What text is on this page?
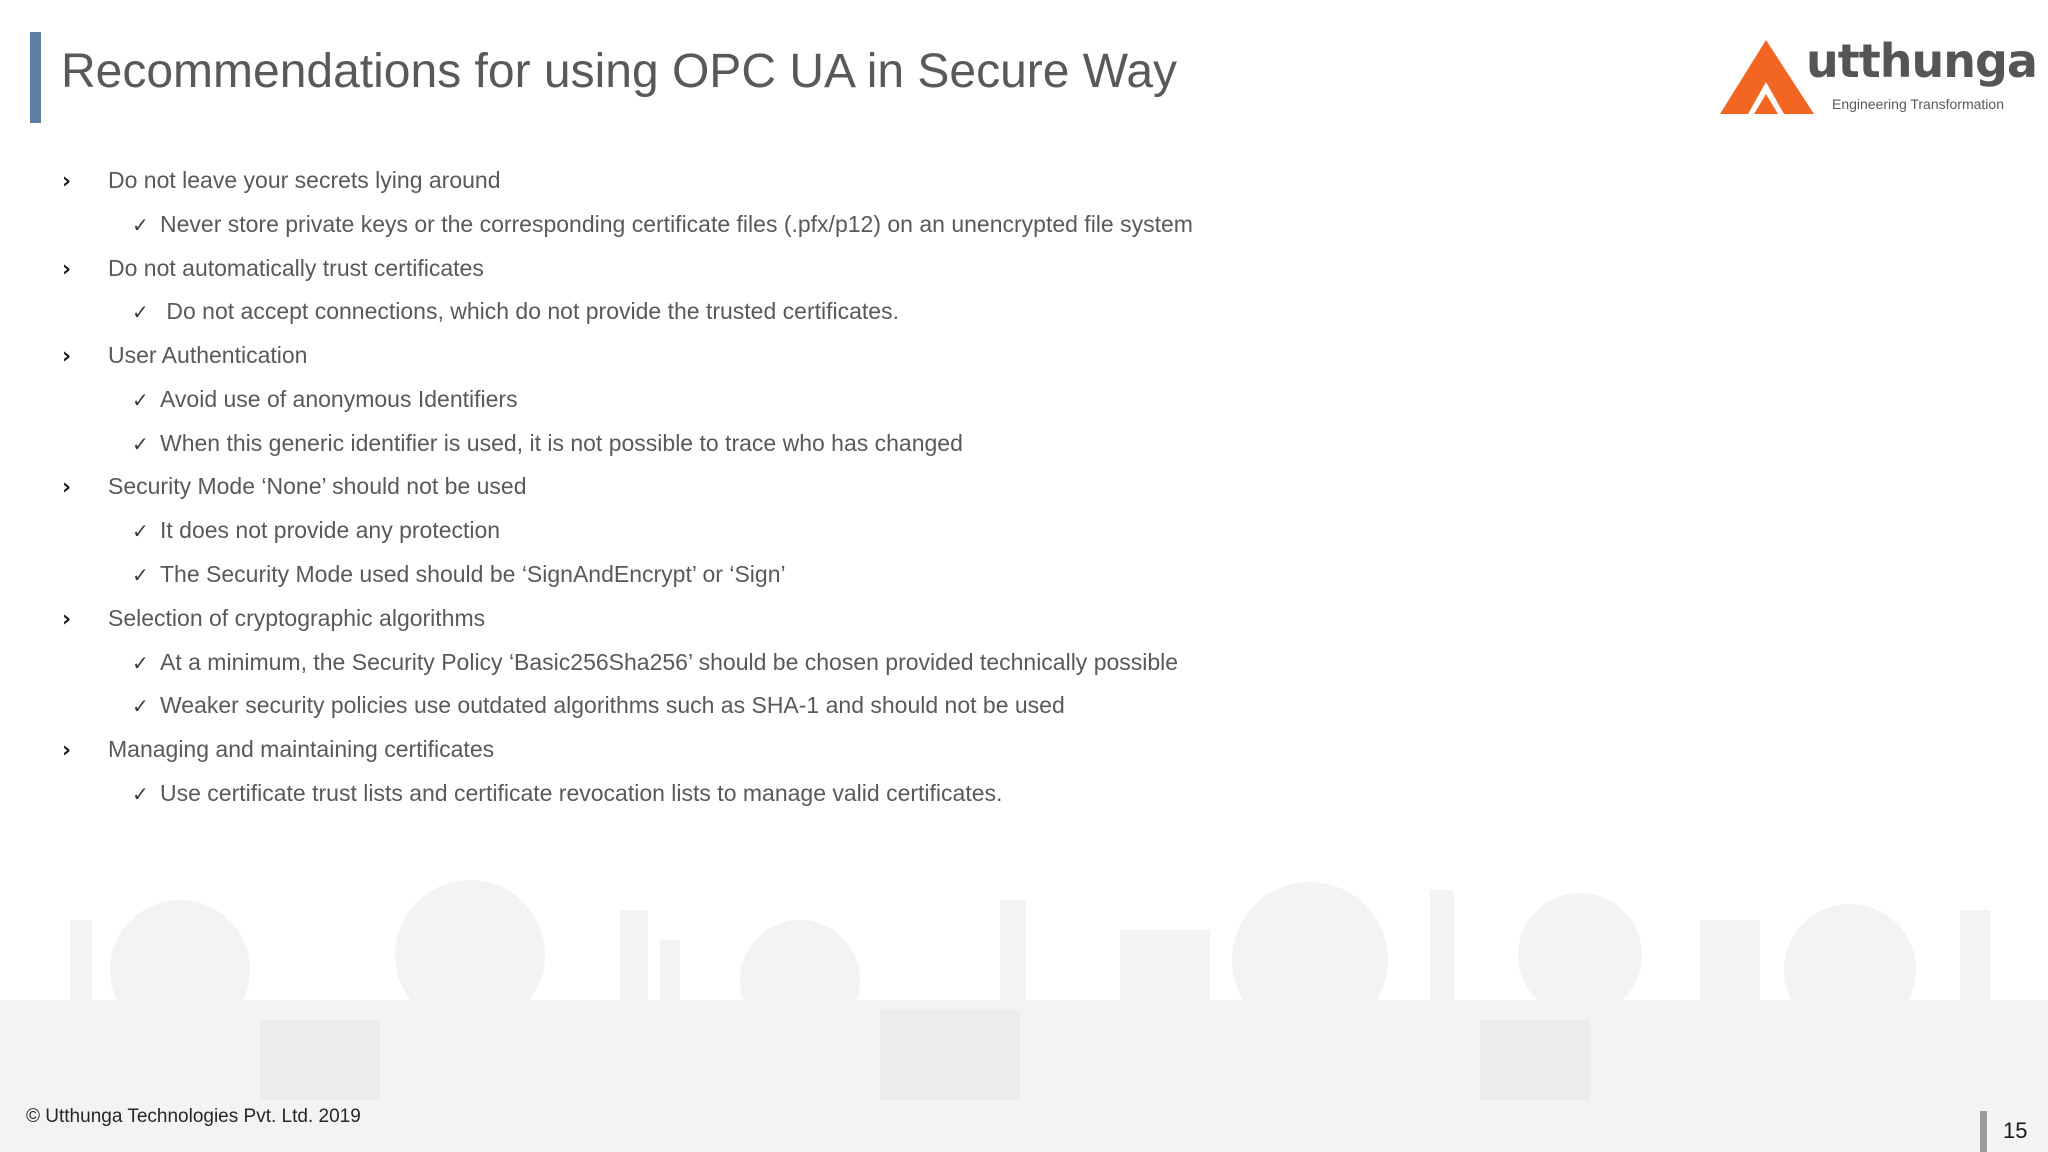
Recommendations for using OPC UA in Secure Way	utthunga
Engineering Transformation
› Do not leave your secrets lying around
✓ Never store private keys or the corresponding certificate files (.pfx/p12) on an unencrypted file system
› Do not automatically trust certificates
✓ Do not accept connections, which do not provide the trusted certificates.
› User Authentication
✓ Avoid use of anonymous Identifiers
✓ When this generic identifier is used, it is not possible to trace who has changed
› Security Mode ‘None’ should not be used
✓ It does not provide any protection
✓ The Security Mode used should be ‘SignAndEncrypt’ or ‘Sign’
› Selection of cryptographic algorithms
✓ At a minimum, the Security Policy ‘Basic256Sha256’ should be chosen provided technically possible
✓ Weaker security policies use outdated algorithms such as SHA-1 and should not be used
› Managing and maintaining certificates
✓ Use certificate trust lists and certificate revocation lists to manage valid certificates.
© Utthunga Technologies Pvt. Ltd. 2019
15
